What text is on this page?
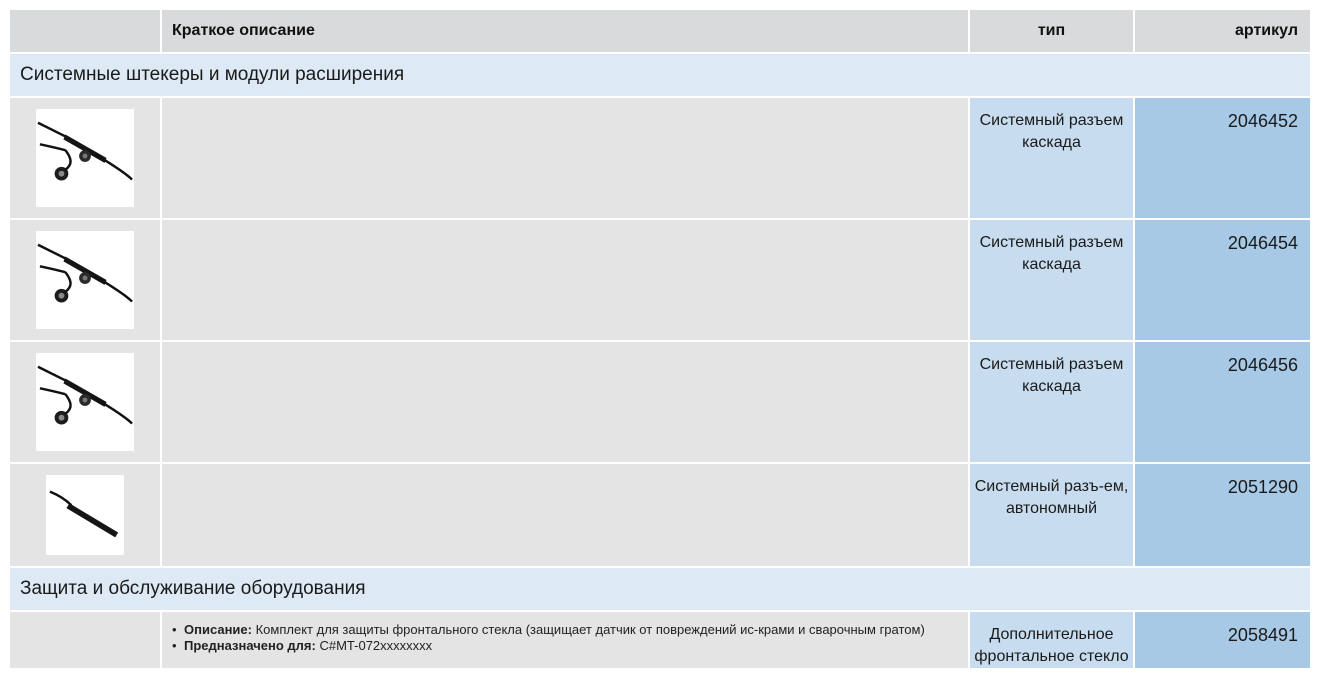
Краткое описание	тип	артикул
Системные штекеры и модули расширения
Системный разъем каскада
2046452
Системный разъем каскада
2046454
Системный разъем каскада
2046456
Системный разъ-ем, автономный
2051290
Защита и обслуживание оборудования
• Описание: Комплект для защиты фронтального стекла (защищает датчик от повреждений ис-крами и сварочным гратом)
• Предназначено для: C#MT-072xxxxxxxx
Дополнительное фронтальное стекло
2058491
